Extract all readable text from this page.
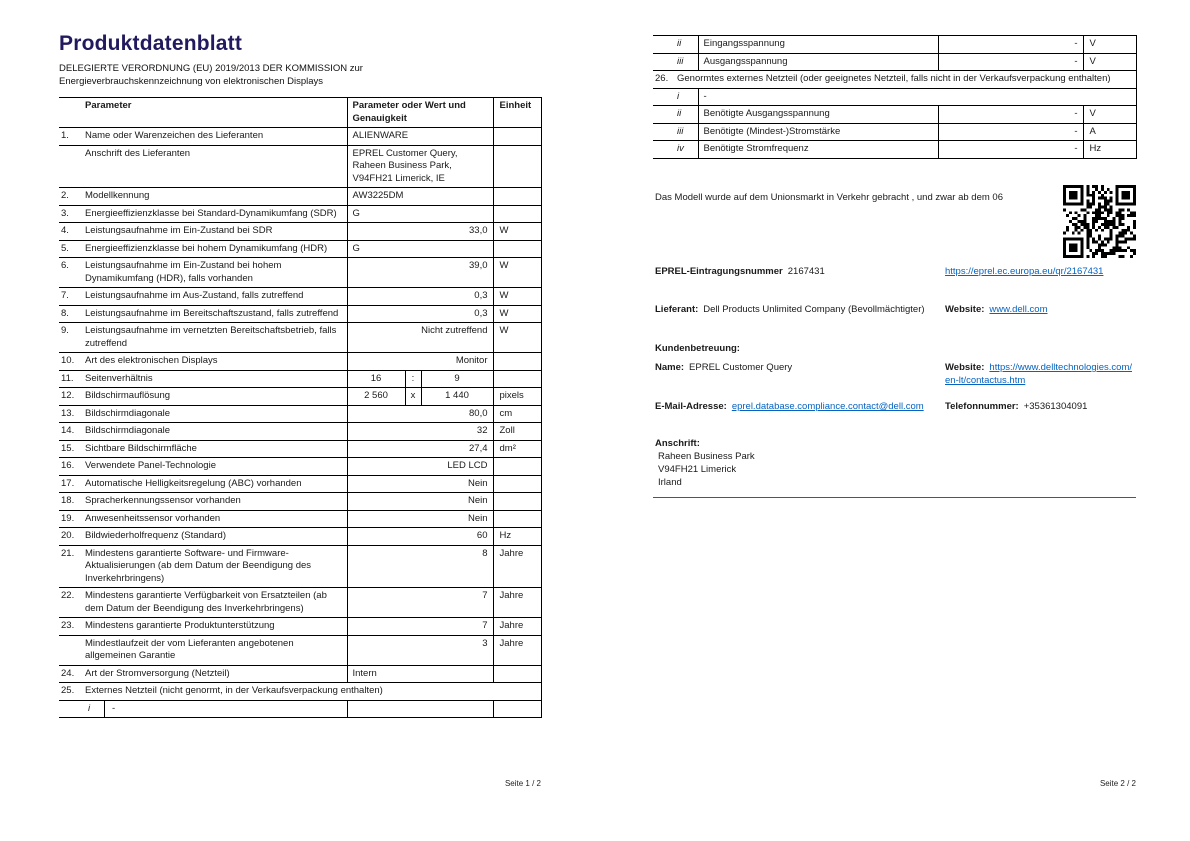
Produktdatenblatt
DELEGIERTE VERORDNUNG (EU) 2019/2013 DER KOMMISSION zur
Energieverbrauchskennzeichnung von elektronischen Displays
	Parameter	Parameter oder Wert und Genauigkeit	Einheit
1.	Name oder Warenzeichen des Lieferanten	ALIENWARE	
	Anschrift des Lieferanten	EPREL Customer Query,
Raheen Business Park,
V94FH21 Limerick, IE	
2.	Modellkennung	AW3225DM	
3.	Energieeffizienzklasse bei Standard-Dynamikumfang (SDR)	G	
4.	Leistungsaufnahme im Ein-Zustand bei SDR	33,0	W
5.	Energieeffizienzklasse bei hohem Dynamikumfang (HDR)	G	
6.	Leistungsaufnahme im Ein-Zustand bei hohem Dynamikumfang (HDR), falls vorhanden	39,0	W
7.	Leistungsaufnahme im Aus-Zustand, falls zutreffend	0,3	W
8.	Leistungsaufnahme im Bereitschaftszustand, falls zutreffend	0,3	W
9.	Leistungsaufnahme im vernetzten Bereitschaftsbetrieb, falls zutreffend	Nicht zutreffend	W
10.	Art des elektronischen Displays	Monitor	
11.	Seitenverhältnis	16 : 9	

12.	Bildschirmauflösung	2 560 x 1 440	pixels
13.	Bildschirmdiagonale	80,0	cm
14.	Bildschirmdiagonale	32	Zoll
15.	Sichtbare Bildschirmfläche	27,4	dm²
16.	Verwendete Panel-Technologie	LED LCD	
17.	Automatische Helligkeitsregelung (ABC) vorhanden	Nein	
18.	Spracherkennungssensor vorhanden	Nein	
19.	Anwesenheitssensor vorhanden	Nein	
20.	Bildwiederholfrequenz (Standard)	60	Hz
21.	Mindestens garantierte Software- und Firmware-Aktualisierungen (ab dem Datum der Beendigung des Inverkehrbringens)	8	Jahre
22.	Mindestens garantierte Verfügbarkeit von Ersatzteilen (ab dem Datum der Beendigung des Inverkehrbringens)	7	Jahre
23.	Mindestens garantierte Produktunterstützung	7	Jahre
	Mindestlaufzeit der vom Lieferanten angebotenen allgemeinen Garantie	3	Jahre
24.	Art der Stromversorgung (Netzteil)	Intern	
25.	Externes Netzteil (nicht genormt, in der Verkaufsverpackung enthalten)		

	i -		

Seite 1 / 2
	ii	Eingangsspannung	-	V
	iii	Ausgangsspannung	-	V
26.	Genormtes externes Netzteil (oder geeignetes Netzteil, falls nicht in der Verkaufsverpackung enthalten)			
	i	-		
	ii	Benötigte Ausgangsspannung	-	V
	iii	Benötigte (Mindest-)Stromstärke	-	A
	iv	Benötigte Stromfrequenz	-	Hz
Das Modell wurde auf dem Unionsmarkt in Verkehr gebracht , und zwar ab dem 06
EPREL-Eintragungsnummer 2167431	https://eprel.ec.europa.eu/qr/2167431
Lieferant: Dell Products Unlimited Company (Bevollmächtigter)	Website: www.dell.com
Kundenbetreuung:
Name: EPREL Customer Query	Website: https://www.delltechnologies.com/en-lt/contactus.htm
E-Mail-Adresse: eprel.database.compliance.contact@dell.com	Telefonnummer: +35361304091
Anschrift:
Raheen Business Park
V94FH21 Limerick
Irland
Seite 2 / 2
